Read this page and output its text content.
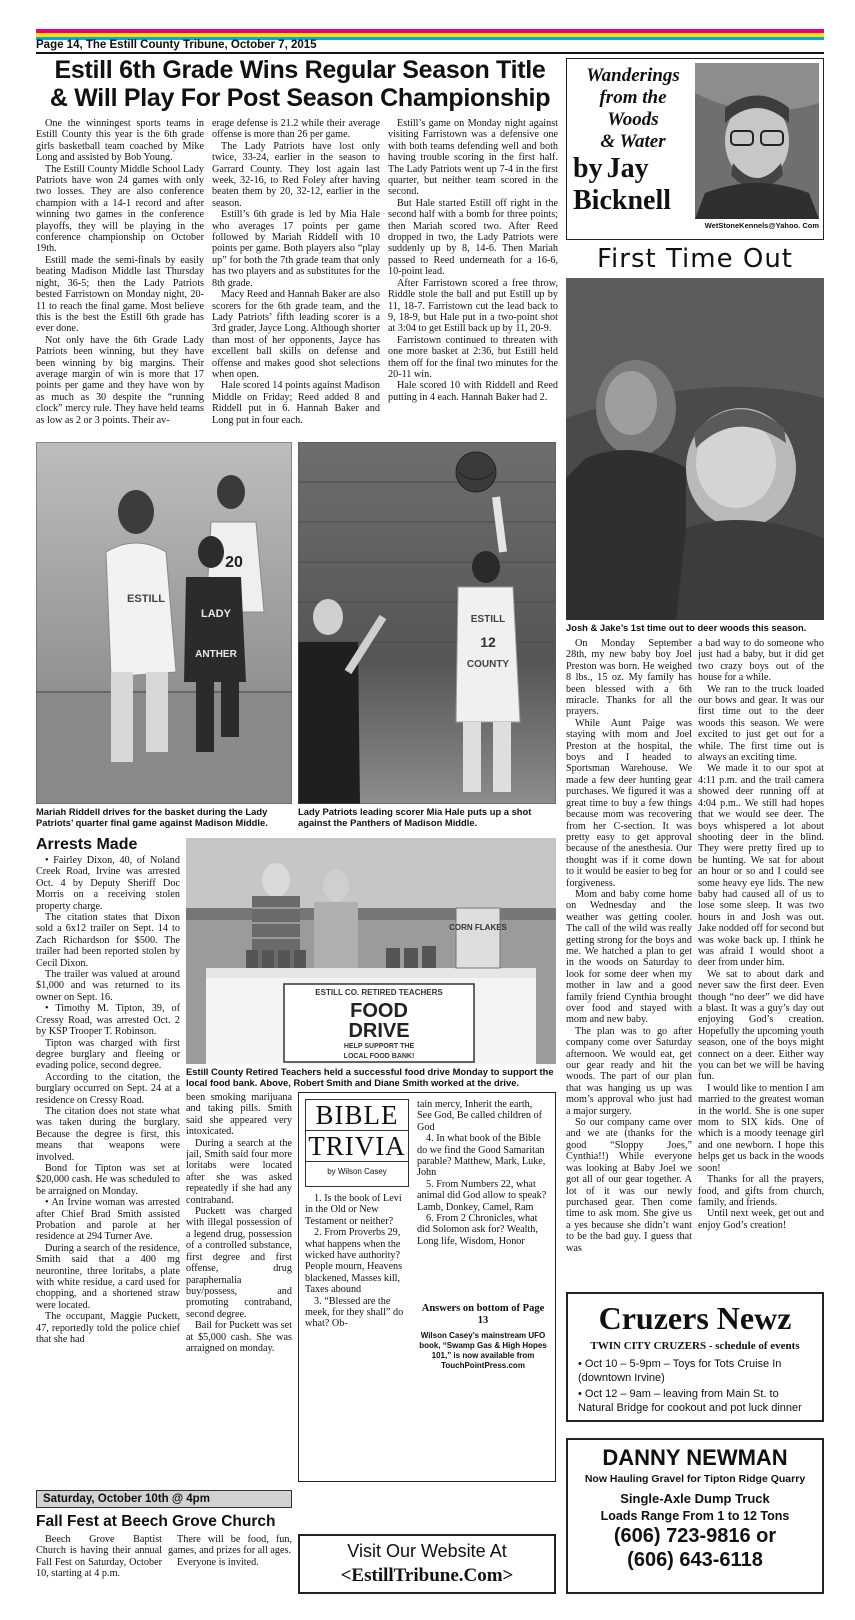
Page 14, The Estill County Tribune, October 7, 2015
Estill 6th Grade Wins Regular Season Title
& Will Play For Post Season Championship

One the winningest sports teams in Estill County this year is the 6th grade girls basketball team coached by Mike Long and assisted by Bob Young.

The Estill County Middle School Lady Patriots have won 24 games with only two losses. They are also conference champion with a 14-1 record and after winning two games in the conference playoffs, they will be playing in the conference championship on October 19th.

Estill made the semi-finals by easily beating Madison Middle last Thursday night, 36-5; then the Lady Patriots bested Farristown on Monday night, 20-11 to reach the final game. Most believe this is the best the Estill 6th grade has ever done.

Not only have the 6th Grade Lady Patriots been winning, but they have been winning by big margins. Their average margin of win is more that 17 points per game and they have won by as much as 30 despite the “running clock” mercy rule. They have held teams as low as 2 or 3 points. Their av-

erage defense is 21.2 while their average offense is more than 26 per game.

The Lady Patriots have lost only twice, 33-24, earlier in the season to Garrard County. They lost again last week, 32-16, to Red Foley after having beaten them by 20, 32-12, earlier in the season.

Estill’s 6th grade is led by Mia Hale who averages 17 points per game followed by Mariah Riddell with 10 points per game. Both players also “play up” for both the 7th grade team that only has two players and as substitutes for the 8th grade.

Macy Reed and Hannah Baker are also scorers for the 6th grade team, and the Lady Patriots’ fifth leading scorer is a 3rd grader, Jayce Long. Although shorter than most of her opponents, Jayce has excellent ball skills on defense and offense and makes good shot selections when open.

Hale scored 14 points against Madison Middle on Friday; Reed added 8 and Riddell put in 6. Hannah Baker and Long put in four each.

Estill’s game on Monday night against visiting Farristown was a defensive one with both teams defending well and both having trouble scoring in the first half. The Lady Patriots went up 7-4 in the first quarter, but neither team scored in the second.

But Hale started Estill off right in the second half with a bomb for three points; then Mariah scored two. After Reed dropped in two, the Lady Patriots were suddenly up by 8, 14-6. Then Mariah passed to Reed underneath for a 16-6, 10-point lead.

After Farristown scored a free throw, Riddle stole the ball and put Estill up by 11, 18-7. Farristown cut the lead back to 9, 18-9, but Hale put in a two-point shot at 3:04 to get Estill back up by 11, 20-9.

Farristown continued to threaten with one more basket at 2:36, but Estill held them off for the final two minutes for the 20-11 win.

Hale scored 10 with Riddell and Reed putting in 4 each. Hannah Baker had 2.

20
LADY
ANTHER
ESTILL
Mariah Riddell drives for the basket during the Lady Patriots’ quarter final game against Madison Middle.
ESTILL
12
COUNTY
Lady Patriots leading scorer Mia Hale puts up a shot against the Panthers of Madison Middle.
Wanderings
from the
Woods
& Water
by Jay
Bicknell
WetStoneKennels@Yahoo. Com
First Time Out
Josh & Jake’s 1st time out to deer woods this season.

On Monday September 28th, my new baby boy Joel Preston was born. He weighed 8 lbs., 15 oz. My family has been blessed with a 6th miracle. Thanks for all the prayers.

While Aunt Paige was staying with mom and Joel Preston at the hospital, the boys and I headed to Sportsman Warehouse. We made a few deer hunting gear purchases. We figured it was a great time to buy a few things because mom was recovering from her C-section. It was pretty easy to get approval because of the anesthesia. Our thought was if it come down to it would be easier to beg for forgiveness.

Mom and baby come home on Wednesday and the weather was getting cooler. The call of the wild was really getting strong for the boys and me. We hatched a plan to get in the woods on Saturday to look for some deer when my mother in law and a good family friend Cynthia brought over food and stayed with mom and new baby.

The plan was to go after company come over Saturday afternoon. We would eat, get our gear ready and hit the woods. The part of our plan that was hanging us up was mom’s approval who just had a major surgery.

So our company came over and we ate (thanks for the good “Sloppy Joes,” Cynthia!!) While everyone was looking at Baby Joel we got all of our gear together. A lot of it was our newly purchased gear. Then come time to ask mom. She give us a yes because she didn’t want to be the bad guy. I guess that was

a bad way to do someone who just had a baby, but it did get two crazy boys out of the house for a while.

We ran to the truck loaded our bows and gear. It was our first time out to the deer woods this season. We were excited to just get out for a while. The first time out is always an exciting time.

We made it to our spot at 4:11 p.m. and the trail camera showed deer running off at 4:04 p.m.. We still had hopes that we would see deer. The boys whispered a lot about shooting deer in the blind. They were pretty fired up to be hunting. We sat for about an hour or so and I could see some heavy eye lids. The new baby had caused all of us to lose some sleep. It was two hours in and Josh was out. Jake nodded off for second but was woke back up. I think he was afraid I would shoot a deer from under him.

We sat to about dark and never saw the first deer. Even though “no deer” we did have a blast. It was a guy’s day out enjoying God’s creation. Hopefully the upcoming youth season, one of the boys might connect on a deer. Either way you can bet we will be having fun.

I would like to mention I am married to the greatest woman in the world. She is one super mom to SIX kids. One of which is a moody teenage girl and one newborn. I hope this helps get us back in the woods soon!

Thanks for all the prayers, food, and gifts from church, family, and friends.

Until next week, get out and enjoy God’s creation!

Arrests Made

• Fairley Dixon, 40, of Noland Creek Road, Irvine was arrested Oct. 4 by Deputy Sheriff Doc Morris on a receiving stolen property charge.

The citation states that Dixon sold a 6x12 trailer on Sept. 14 to Zach Richardson for $500. The trailer had been reported stolen by Cecil Dixon.

The trailer was valued at around $1,000 and was returned to its owner on Sept. 16.

• Timothy M. Tipton, 39, of Cressy Road, was arrested Oct. 2 by KSP Trooper T. Robinson.

Tipton was charged with first degree burglary and fleeing or evading police, second degree.

According to the citation, the burglary occurred on Sept. 24 at a residence on Cressy Road.

The citation does not state what was taken during the burglary. Because the degree is first, this means that weapons were involved.

Bond for Tipton was set at $20,000 cash. He was scheduled to be arraigned on Monday.

• An Irvine woman was arrested after Chief Brad Smith assisted Probation and parole at her residence at 294 Turner Ave.

During a search of the residence, Smith said that a 400 mg neurontine, three loritabs, a plate with white residue, a card used for chopping, and a shortened straw were located.

The occupant, Maggie Puckett, 47, reportedly told the police chief that she had

CORN FLAKES
ESTILL CO. RETIRED TEACHERS
FOOD
DRIVE
HELP SUPPORT THE
LOCAL FOOD BANK!
Estill County Retired Teachers held a successful food drive Monday to support the local food bank. Above, Robert Smith and Diane Smith worked at the drive.

been smoking marijuana and taking pills. Smith said she appeared very intoxicated.

During a search at the jail, Smith said four more loritabs were located after she was asked repeatedly if she had any contraband.

Puckett was charged with illegal possession of a legend drug, possession of a controlled substance, first degree and first offense, drug paraphernalia buy/possess, and promoting contraband, second degree.

Bail for Puckett was set at $5,000 cash. She was arraigned on monday.

BIBLE
TRIVIA
by Wilson Casey

1. Is the book of Levi in the Old or New Testament or neither?

2. From Proverbs 29, what happens when the wicked have authority? People mourn, Heavens blackened, Masses kill, Taxes abound

3. “Blessed are the meek, for they shall” do what? Ob-

tain mercy, Inherit the earth, See God, Be called children of God

4. In what book of the Bible do we find the Good Samaritan parable? Matthew, Mark, Luke, John

5. From Numbers 22, what animal did God allow to speak? Lamb, Donkey, Camel, Ram

6. From 2 Chronicles, what did Solomon ask for? Wealth, Long life, Wisdom, Honor

Answers on bottom of Page 13
Wilson Casey’s mainstream UFO book, “Swamp Gas & High Hopes 101,” is now available from TouchPointPress.com
Visit Our Website At
<EstillTribune.Com>
Saturday, October 10th @ 4pm
Fall Fest at Beech Grove Church
Beech Grove Baptist Church is having their annual Fall Fest on Saturday, October 10, starting at 4 p.m.

There will be food, fun, games, and prizes for all ages.

Everyone is invited.

Cruzers Newz
TWIN CITY CRUZERS - schedule of events
• Oct 10 – 5-9pm – Toys for Tots Cruise In (downtown Irvine)
• Oct 12 – 9am – leaving from Main St. to Natural Bridge for cookout and pot luck dinner
DANNY NEWMAN
Now Hauling Gravel for Tipton Ridge Quarry
Single-Axle Dump Truck
Loads Range From 1 to 12 Tons
(606) 723-9816 or
(606) 643-6118
